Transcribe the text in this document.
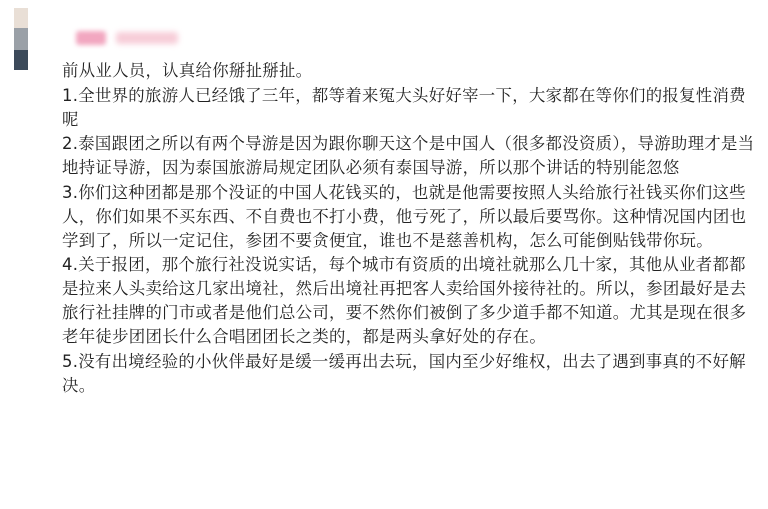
前从业人员，认真给你掰扯掰扯。

1.全世界的旅游人已经饿了三年，都等着来冤大头好好宰一下，大家都在等你们的报复性消费呢

2.泰国跟团之所以有两个导游是因为跟你聊天这个是中国人（很多都没资质），导游助理才是当地持证导游，因为泰国旅游局规定团队必须有泰国导游，所以那个讲话的特别能忽悠

3.你们这种团都是那个没证的中国人花钱买的，也就是他需要按照人头给旅行社钱买你们这些人，你们如果不买东西、不自费也不打小费，他亏死了，所以最后要骂你。这种情况国内团也学到了，所以一定记住，参团不要贪便宜，谁也不是慈善机构，怎么可能倒贴钱带你玩。

4.关于报团，那个旅行社没说实话，每个城市有资质的出境社就那么几十家，其他从业者都都是拉来人头卖给这几家出境社，然后出境社再把客人卖给国外接待社的。所以，参团最好是去旅行社挂牌的门市或者是他们总公司，要不然你们被倒了多少道手都不知道。尤其是现在很多老年徒步团团长什么合唱团团长之类的，都是两头拿好处的存在。

5.没有出境经验的小伙伴最好是缓一缓再出去玩，国内至少好维权，出去了遇到事真的不好解决。
